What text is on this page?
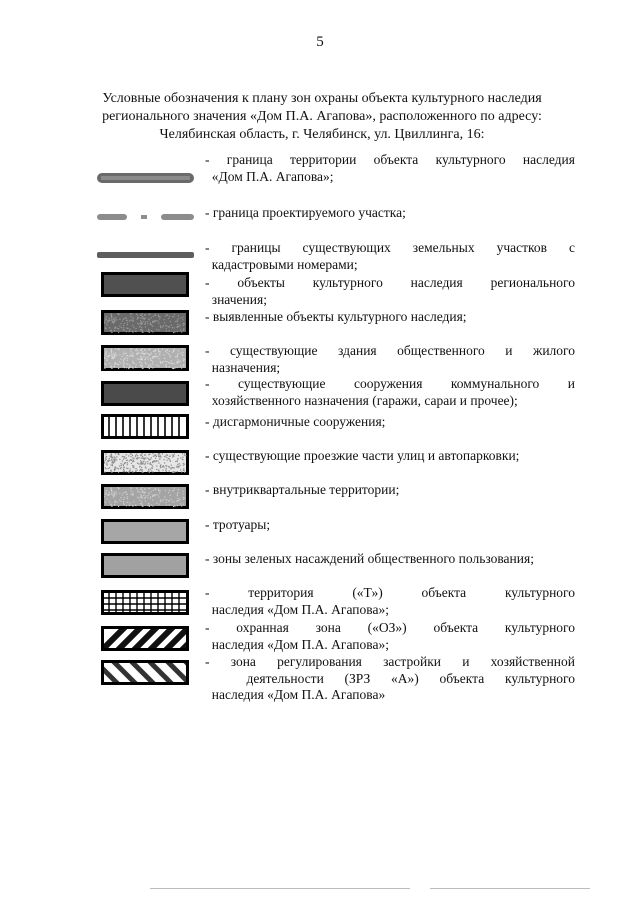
5
Условные обозначения к плану зон охраны объекта культурного наследия
регионального значения «Дом П.А. Агапова», расположенного по адресу:
Челябинская область, г. Челябинск, ул. Цвиллинга, 16:
- граница территории объекта культурного наследия
«Дом П.А. Агапова»;
- граница проектируемого участка;
- границы существующих земельных участков с
кадастровыми номерами;
- объекты культурного наследия регионального
значения;
- выявленные объекты культурного наследия;
- существующие здания общественного и жилого
назначения;
- существующие сооружения коммунального и
хозяйственного назначения (гаражи, сараи и прочее);
- дисгармоничные сооружения;
- существующие проезжие части улиц и автопарковки;
- внутриквартальные территории;
- тротуары;
- зоны зеленых насаждений общественного пользования;
- территория («Т») объекта культурного
наследия «Дом П.А. Агапова»;
- охранная зона («ОЗ») объекта культурного
наследия «Дом П.А. Агапова»;
- зона регулирования застройки и хозяйственной
деятельности (ЗРЗ «А») объекта культурного
наследия «Дом П.А. Агапова»
